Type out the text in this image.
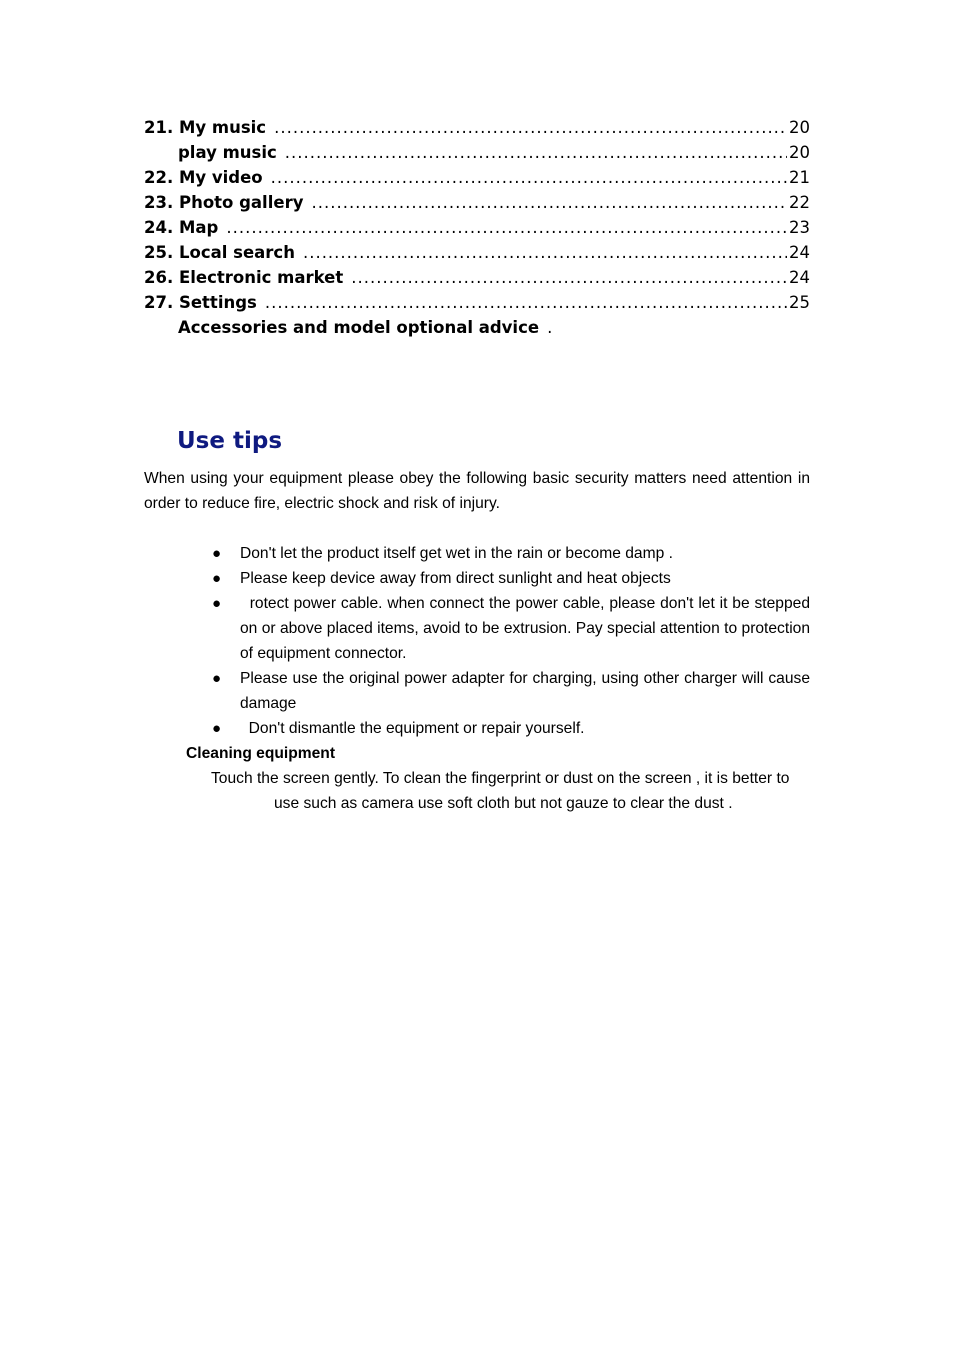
21. My music .....	20
play music .....	20
22. My video .....	21
23. Photo gallery .....	22
24. Map .....	23
25. Local search .....	24
26. Electronic market .....	24
27. Settings .....	25
Accessories and model optional advice
.
Use tips
When using your equipment please obey the following basic security matters need attention in order to reduce fire, electric shock and risk of injury.
● Don't let the product itself get wet in the rain or become damp .
● Please keep device away from direct sunlight and heat objects
● rotect power cable. when connect the power cable, please don't let it be stepped on or above placed items, avoid to be extrusion. Pay special attention to protection of equipment connector.
● Please use the original power adapter for charging, using other charger will cause damage
● Don't dismantle the equipment or repair yourself.
Cleaning equipment
Touch the screen gently. To clean the fingerprint or dust on the screen , it is better to
use such as camera use soft cloth but not gauze to clear the dust .
